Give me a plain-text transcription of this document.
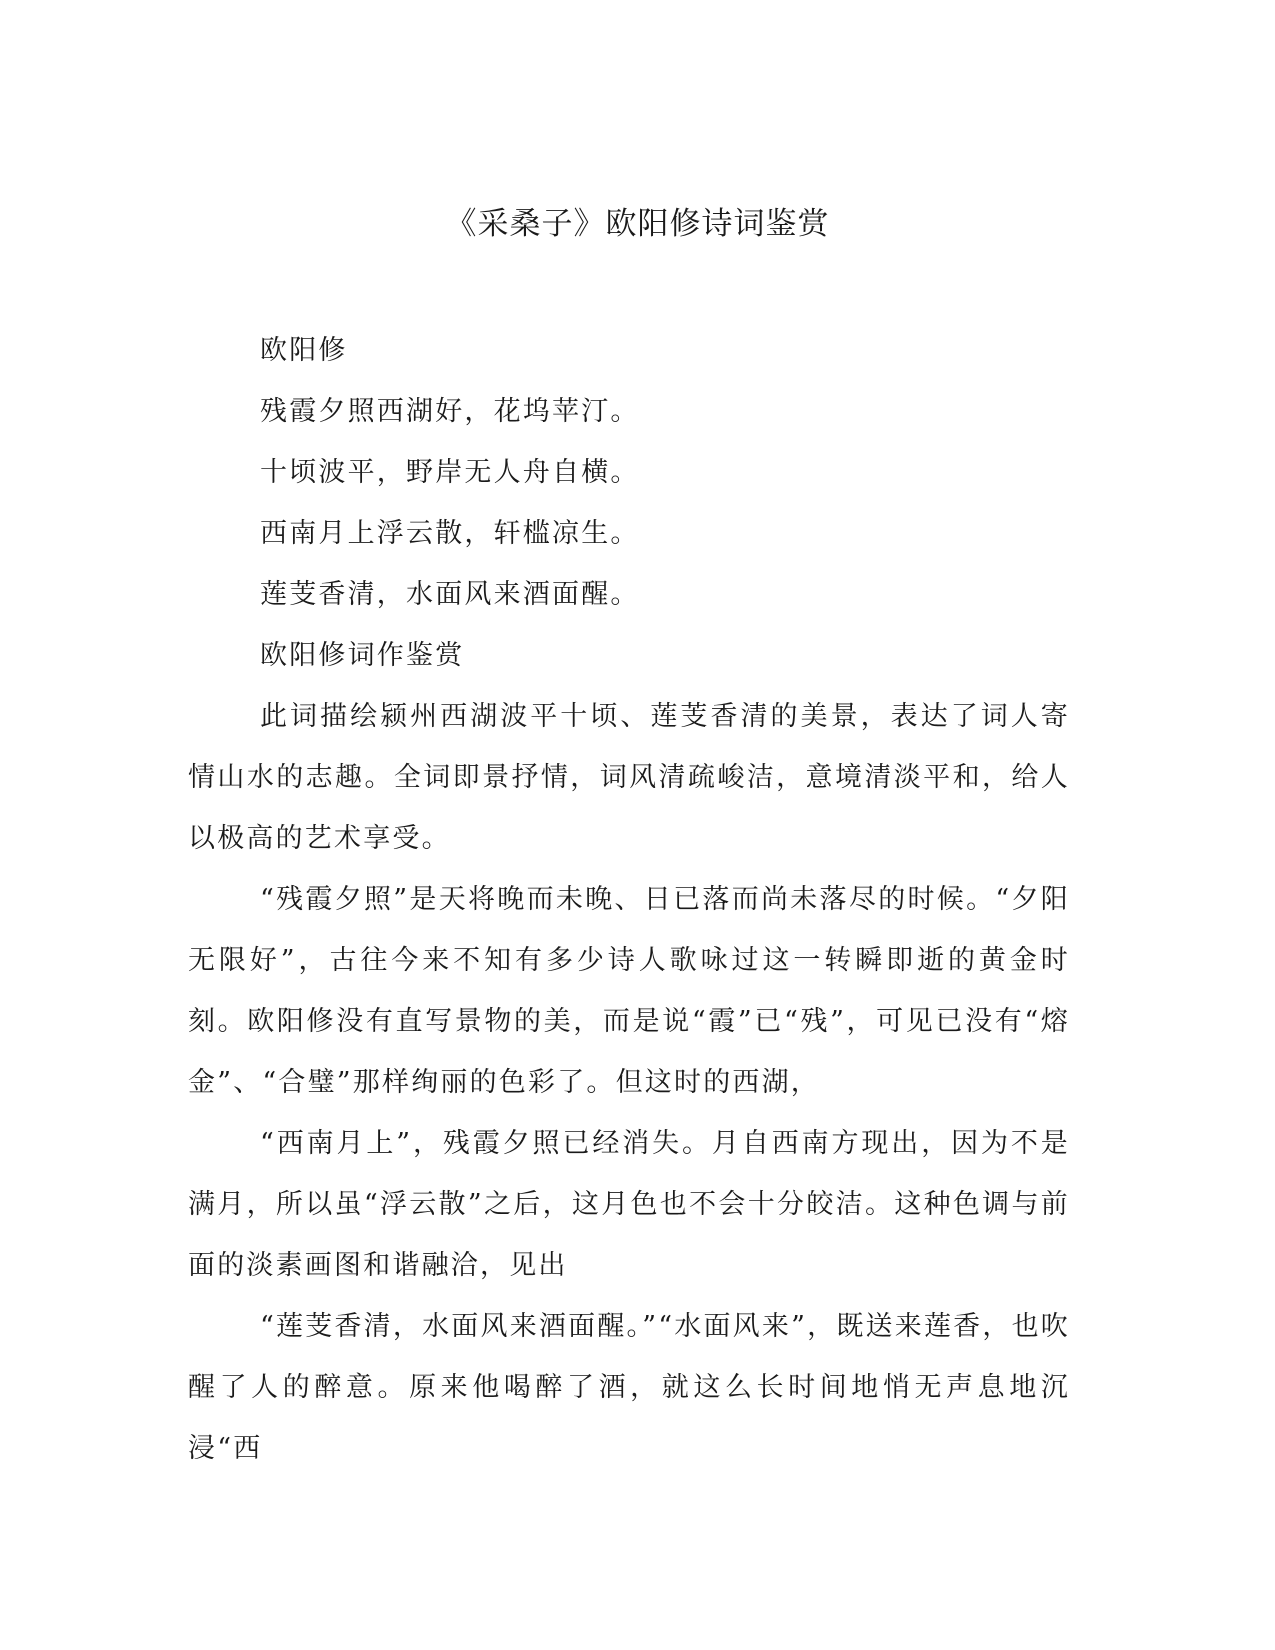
《采桑子》欧阳修诗词鉴赏

欧阳修

残霞夕照西湖好，花坞苹汀。

十顷波平，野岸无人舟自横。

西南月上浮云散，轩槛凉生。

莲芰香清，水面风来酒面醒。

欧阳修词作鉴赏

此词描绘颍州西湖波平十顷、莲芰香清的美景，表达了词人寄情山水的志趣。全词即景抒情，词风清疏峻洁，意境清淡平和，给人以极高的艺术享受。

“残霞夕照”是天将晚而未晚、日已落而尚未落尽的时候。“夕阳无限好”，古往今来不知有多少诗人歌咏过这一转瞬即逝的黄金时刻。欧阳修没有直写景物的美，而是说“霞”已“残”，可见已没有“熔金”、“合璧”那样绚丽的色彩了。但这时的西湖，

“西南月上”，残霞夕照已经消失。月自西南方现出，因为不是满月，所以虽“浮云散”之后，这月色也不会十分皎洁。这种色调与前面的淡素画图和谐融洽，见出

“莲芰香清，水面风来酒面醒。”“水面风来”，既送来莲香，也吹醒了人的醉意。原来他喝醉了酒，就这么长时间地悄无声息地沉浸“西
